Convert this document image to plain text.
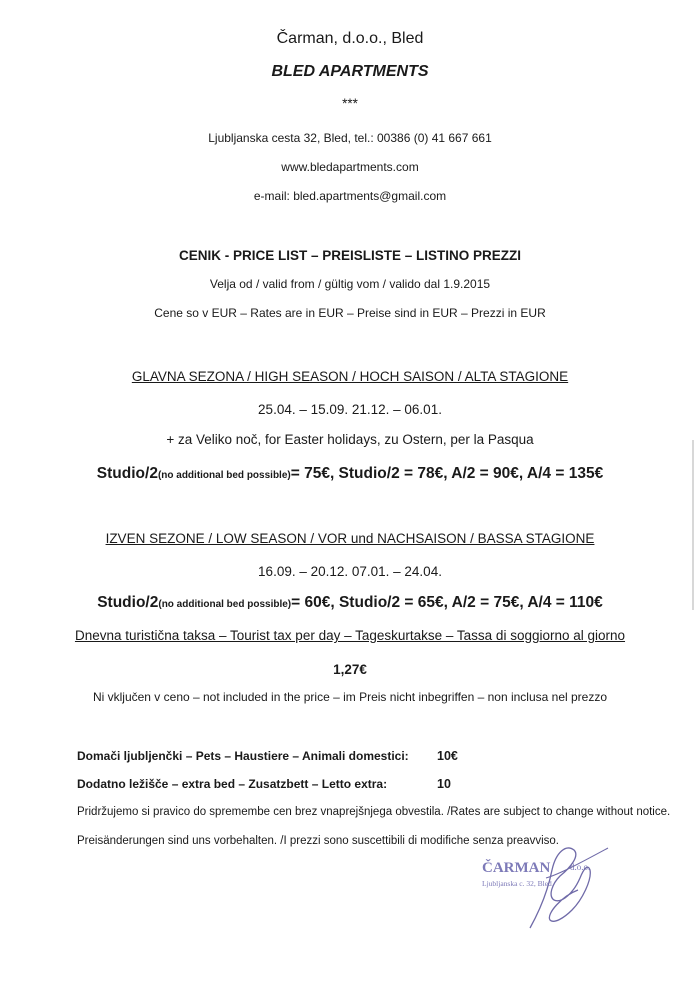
Čarman, d.o.o., Bled
BLED APARTMENTS
***
Ljubljanska cesta 32, Bled, tel.: 00386 (0) 41 667 661
www.bledapartments.com
e-mail: bled.apartments@gmail.com
CENIK - PRICE LIST – PREISLISTE – LISTINO PREZZI
Velja od / valid from / gültig vom / valido dal 1.9.2015
Cene so v EUR – Rates are in EUR – Preise sind in EUR – Prezzi in EUR
GLAVNA SEZONA / HIGH SEASON / HOCH SAISON / ALTA STAGIONE
25.04. – 15.09. 21.12. – 06.01.
+ za Veliko noč, for Easter holidays, zu Ostern, per la Pasqua
Studio/2(no additional bed possible)= 75€, Studio/2 = 78€, A/2 = 90€, A/4 = 135€
IZVEN SEZONE / LOW SEASON / VOR und NACHSAISON / BASSA STAGIONE
16.09. – 20.12. 07.01. – 24.04.
Studio/2(no additional bed possible)= 60€, Studio/2 = 65€, A/2 = 75€, A/4 = 110€
Dnevna turistična taksa – Tourist tax per day – Tageskurtakse – Tassa di soggiorno al giorno
1,27€
Ni vključen v ceno – not included in the price – im Preis nicht inbegriffen – non inclusa nel prezzo
Domači ljubljenčki – Pets – Haustiere – Animali domestici: 10€
Dodatno ležišče – extra bed – Zusatzbett – Letto extra:	10
Pridržujemo si pravico do spremembe cen brez vnaprejšnjega obvestila. /Rates are subject to change without notice.
Preisänderungen sind uns vorbehalten. /I prezzi sono suscettibili di modifiche senza preavviso.
ČARMAN d.o.o.
Ljubljanska c. 32, Bled
